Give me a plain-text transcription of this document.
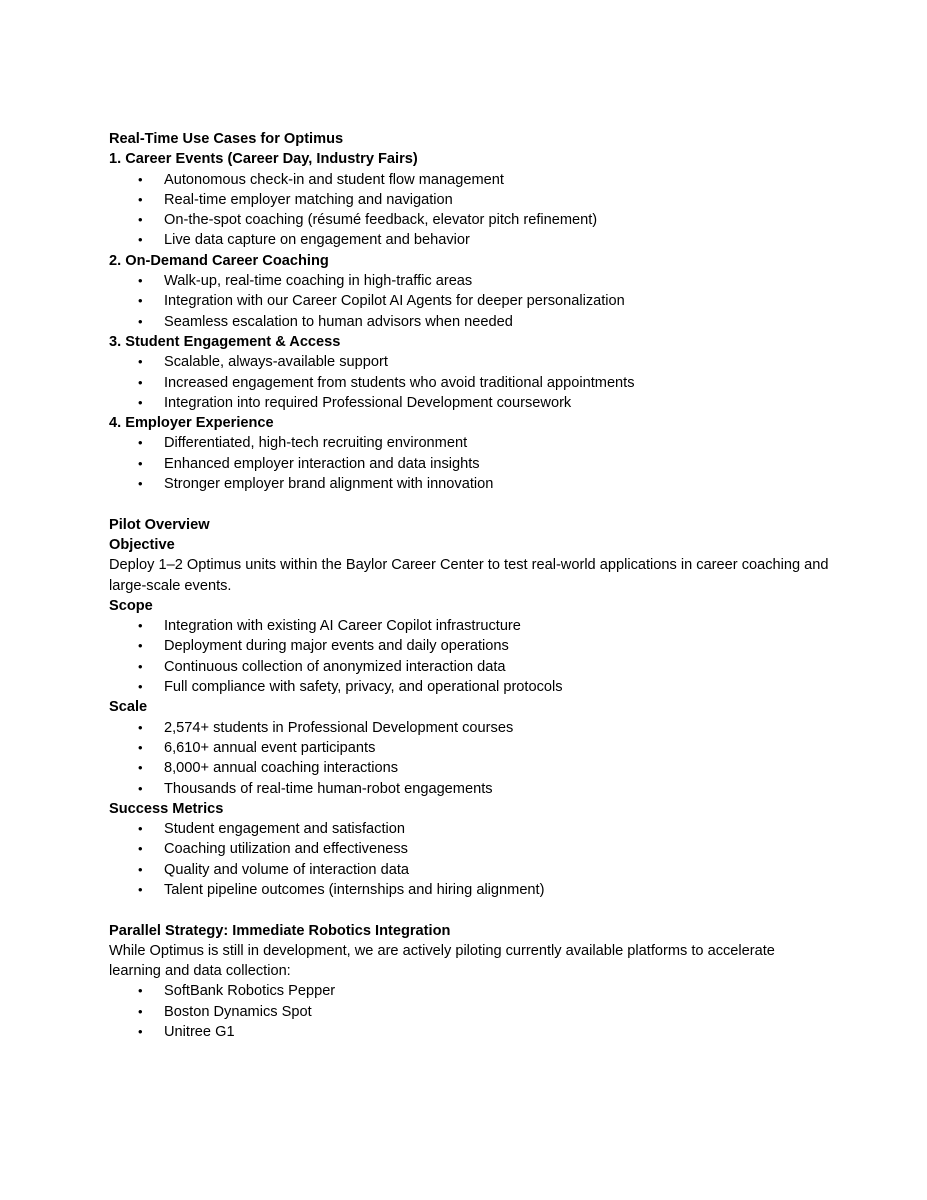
Real-Time Use Cases for Optimus

1. Career Events (Career Day, Industry Fairs)

• Autonomous check-in and student flow management
• Real-time employer matching and navigation
• On-the-spot coaching (résumé feedback, elevator pitch refinement)
• Live data capture on engagement and behavior

2. On-Demand Career Coaching

• Walk-up, real-time coaching in high-traffic areas
• Integration with our Career Copilot AI Agents for deeper personalization
• Seamless escalation to human advisors when needed

3. Student Engagement & Access

• Scalable, always-available support
• Increased engagement from students who avoid traditional appointments
• Integration into required Professional Development coursework

4. Employer Experience

• Differentiated, high-tech recruiting environment
• Enhanced employer interaction and data insights
• Stronger employer brand alignment with innovation

Pilot Overview

Objective

Deploy 1–2 Optimus units within the Baylor Career Center to test real-world applications in career coaching and large-scale events.

Scope

• Integration with existing AI Career Copilot infrastructure
• Deployment during major events and daily operations
• Continuous collection of anonymized interaction data
• Full compliance with safety, privacy, and operational protocols

Scale

• 2,574+ students in Professional Development courses
• 6,610+ annual event participants
• 8,000+ annual coaching interactions
• Thousands of real-time human-robot engagements

Success Metrics

• Student engagement and satisfaction
• Coaching utilization and effectiveness
• Quality and volume of interaction data
• Talent pipeline outcomes (internships and hiring alignment)

Parallel Strategy: Immediate Robotics Integration

While Optimus is still in development, we are actively piloting currently available platforms to accelerate learning and data collection:

• SoftBank Robotics Pepper
• Boston Dynamics Spot
• Unitree G1
